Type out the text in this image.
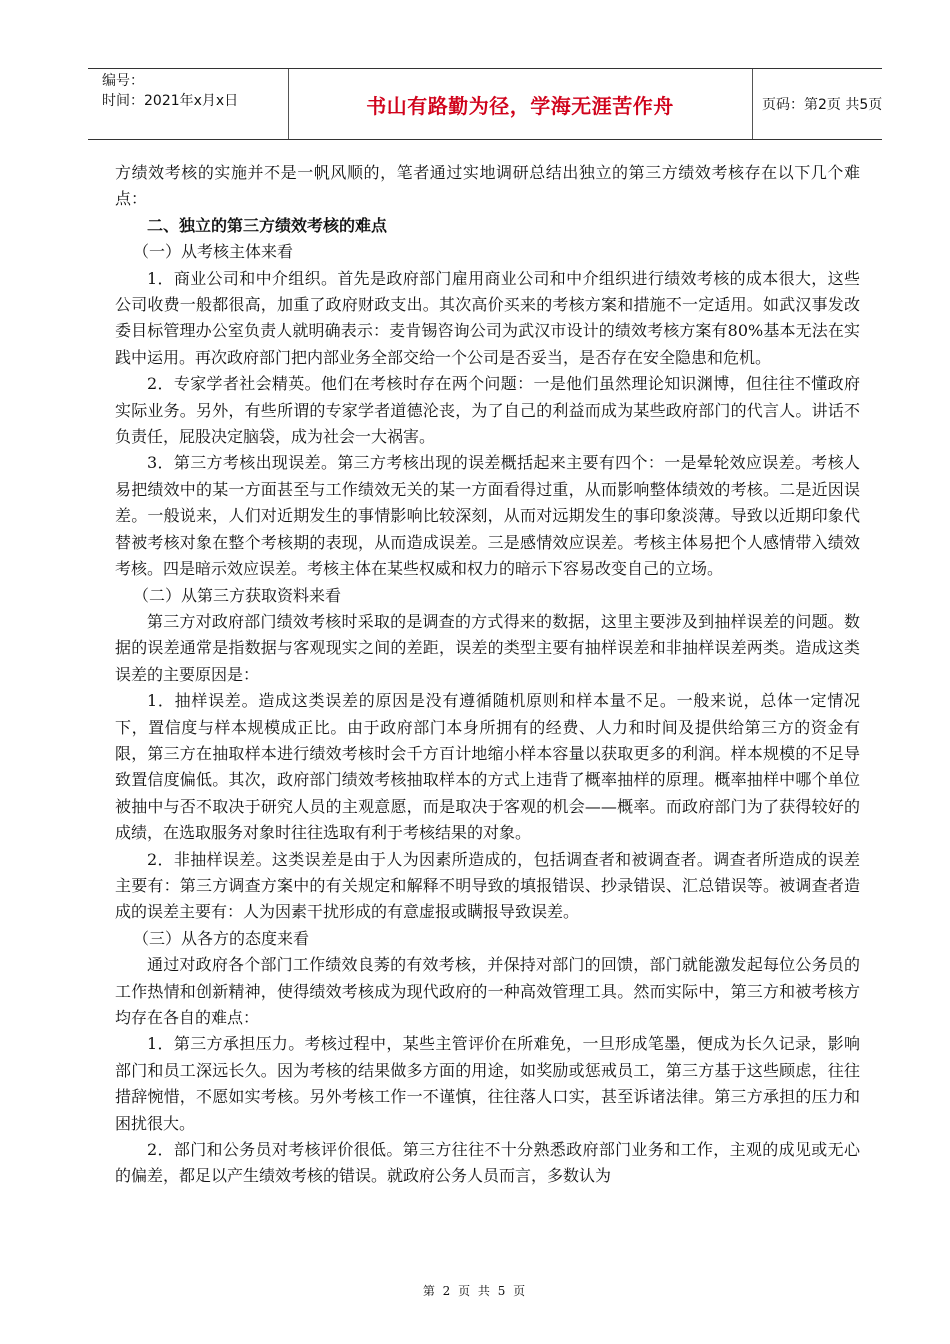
编号：
时间：2021年x月x日	书山有路勤为径，学海无涯苦作舟	页码：第2页 共5页

方绩效考核的实施并不是一帆风顺的，笔者通过实地调研总结出独立的第三方绩效考核存在以下几个难点：

二、独立的第三方绩效考核的难点

（一）从考核主体来看

1．商业公司和中介组织。首先是政府部门雇用商业公司和中介组织进行绩效考核的成本很大，这些公司收费一般都很高，加重了政府财政支出。其次高价买来的考核方案和措施不一定适用。如武汉事发改委目标管理办公室负责人就明确表示：麦肯锡咨询公司为武汉市设计的绩效考核方案有80%基本无法在实践中运用。再次政府部门把内部业务全部交给一个公司是否妥当，是否存在安全隐患和危机。

2．专家学者社会精英。他们在考核时存在两个问题：一是他们虽然理论知识渊博，但往往不懂政府实际业务。另外，有些所谓的专家学者道德沦丧，为了自己的利益而成为某些政府部门的代言人。讲话不负责任，屁股决定脑袋，成为社会一大祸害。

3．第三方考核出现误差。第三方考核出现的误差概括起来主要有四个：一是晕轮效应误差。考核人易把绩效中的某一方面甚至与工作绩效无关的某一方面看得过重，从而影响整体绩效的考核。二是近因误差。一般说来，人们对近期发生的事情影响比较深刻，从而对远期发生的事印象淡薄。导致以近期印象代替被考核对象在整个考核期的表现，从而造成误差。三是感情效应误差。考核主体易把个人感情带入绩效考核。四是暗示效应误差。考核主体在某些权威和权力的暗示下容易改变自己的立场。

（二）从第三方获取资料来看

第三方对政府部门绩效考核时采取的是调查的方式得来的数据，这里主要涉及到抽样误差的问题。数据的误差通常是指数据与客观现实之间的差距，误差的类型主要有抽样误差和非抽样误差两类。造成这类误差的主要原因是：

1．抽样误差。造成这类误差的原因是没有遵循随机原则和样本量不足。一般来说，总体一定情况下，置信度与样本规模成正比。由于政府部门本身所拥有的经费、人力和时间及提供给第三方的资金有限，第三方在抽取样本进行绩效考核时会千方百计地缩小样本容量以获取更多的利润。样本规模的不足导致置信度偏低。其次，政府部门绩效考核抽取样本的方式上违背了概率抽样的原理。概率抽样中哪个单位被抽中与否不取决于研究人员的主观意愿，而是取决于客观的机会——概率。而政府部门为了获得较好的成绩，在选取服务对象时往往选取有利于考核结果的对象。

2．非抽样误差。这类误差是由于人为因素所造成的，包括调查者和被调查者。调查者所造成的误差主要有：第三方调查方案中的有关规定和解释不明导致的填报错误、抄录错误、汇总错误等。被调查者造成的误差主要有：人为因素干扰形成的有意虚报或瞒报导致误差。

（三）从各方的态度来看

通过对政府各个部门工作绩效良莠的有效考核，并保持对部门的回馈，部门就能激发起每位公务员的工作热情和创新精神，使得绩效考核成为现代政府的一种高效管理工具。然而实际中，第三方和被考核方均存在各自的难点：

1．第三方承担压力。考核过程中，某些主管评价在所难免，一旦形成笔墨，便成为长久记录，影响部门和员工深远长久。因为考核的结果做多方面的用途，如奖励或惩戒员工，第三方基于这些顾虑，往往措辞惋惜，不愿如实考核。另外考核工作一不谨慎，往往落人口实，甚至诉诸法律。第三方承担的压力和困扰很大。

2．部门和公务员对考核评价很低。第三方往往不十分熟悉政府部门业务和工作，主观的成见或无心的偏差，都足以产生绩效考核的错误。就政府公务人员而言，多数认为

第 2 页 共 5 页
